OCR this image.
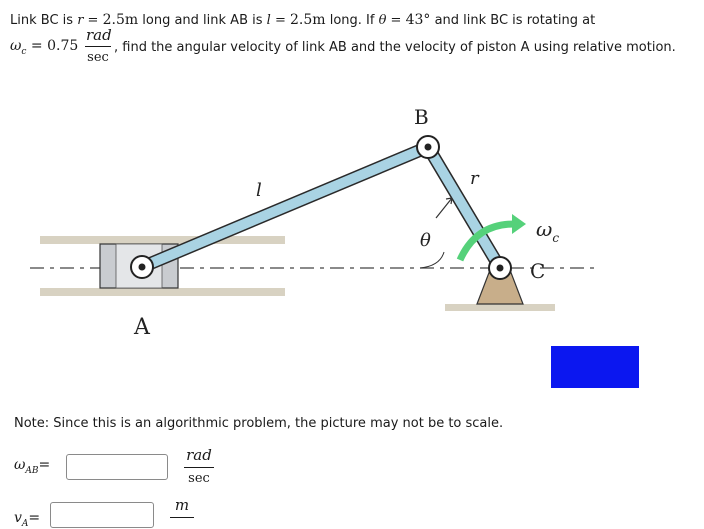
Link BC is r = 2.5m long and link AB is l = 2.5m long. If θ = 43° and link BC is rotating at
$\omega_c = 0.75$
rad
sec
, find the angular velocity of link AB and the velocity of piston A using relative motion.
B
l
r
θ	$\omega_c$
C
A
Note: Since this is an algorithmic problem, the picture may not be to scale.
$\omega_{AB}=$
rad
sec
$v_A=$
m
